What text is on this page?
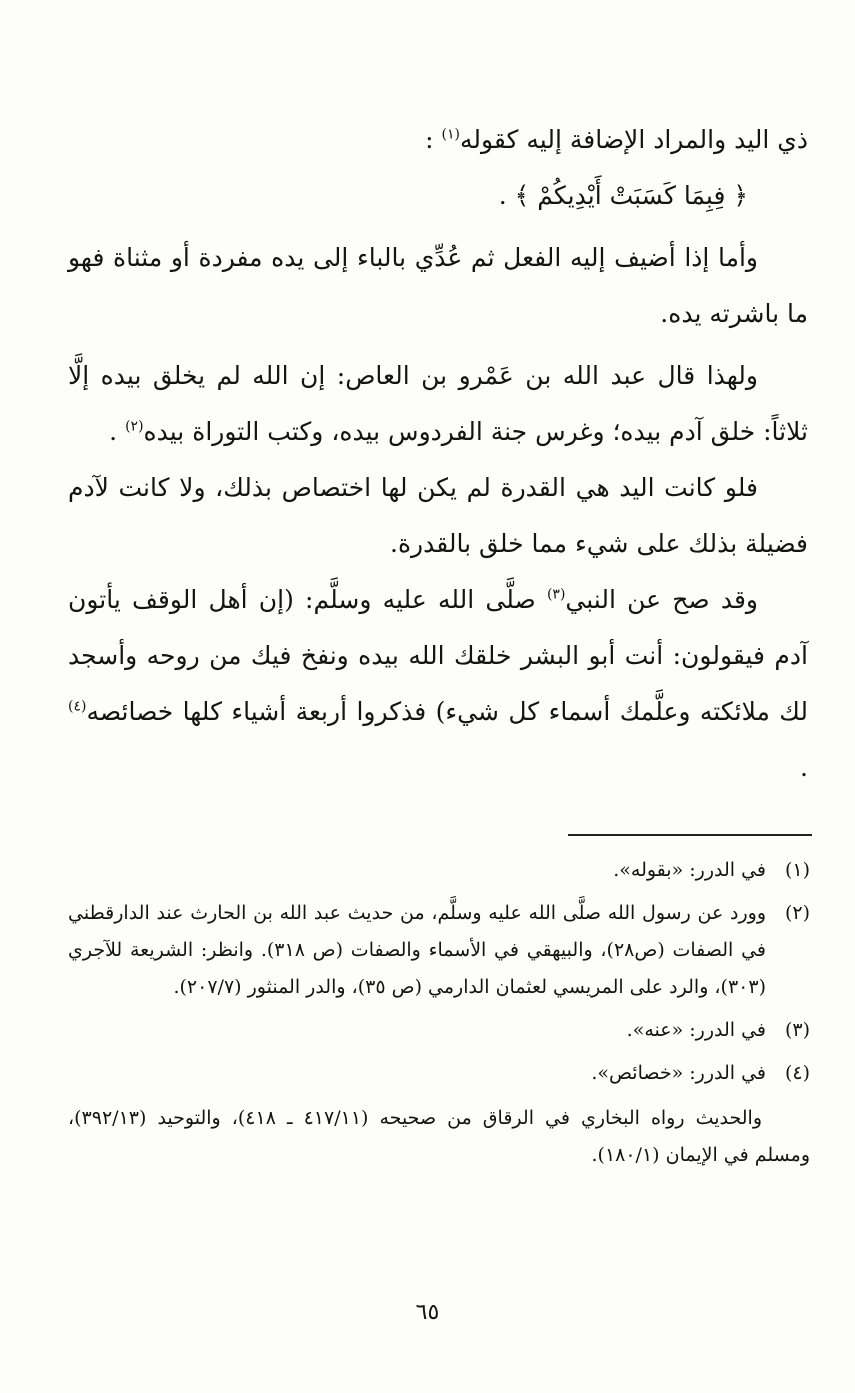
ذي اليد والمراد الإضافة إليه كقوله$^{(١)}$ :

﴿ فِبِمَا كَسَبَتْ أَيْدِيكُمْ ﴾ .

وأما إذا أضيف إليه الفعل ثم عُدِّي بالباء إلى يده مفردة أو مثناة فهو ما باشرته يده.

ولهذا قال عبد الله بن عَمْرو بن العاص: إن الله لم يخلق بيده إلَّا ثلاثاً: خلق آدم بيده؛ وغرس جنة الفردوس بيده، وكتب التوراة بيده$^{(٢)}$ .

فلو كانت اليد هي القدرة لم يكن لها اختصاص بذلك، ولا كانت لآدم فضيلة بذلك على شيء مما خلق بالقدرة.

وقد صح عن النبي$^{(٣)}$ صلَّى الله عليه وسلَّم: (إن أهل الوقف يأتون آدم فيقولون: أنت أبو البشر خلقك الله بيده ونفخ فيك من روحه وأسجد لك ملائكته وعلَّمك أسماء كل شيء) فذكروا أربعة أشياء كلها خصائصه$^{(٤)}$ .

(١)
في الدرر: «بقوله».
(٢)
وورد عن رسول الله صلَّى الله عليه وسلَّم، من حديث عبد الله بن الحارث عند الدارقطني في الصفات (ص٢٨)، والبيهقي في الأسماء والصفات (ص ٣١٨). وانظر: الشريعة للآجري (٣٠٣)، والرد على المريسي لعثمان الدارمي (ص ٣٥)، والدر المنثور (٢٠٧/٧).
(٣)
في الدرر: «عنه».
(٤)
في الدرر: «خصائص».

والحديث رواه البخاري في الرقاق من صحيحه (٤١٧/١١ ـ ٤١٨)، والتوحيد (٣٩٢/١٣)، ومسلم في الإيمان (١٨٠/١).

٦٥
